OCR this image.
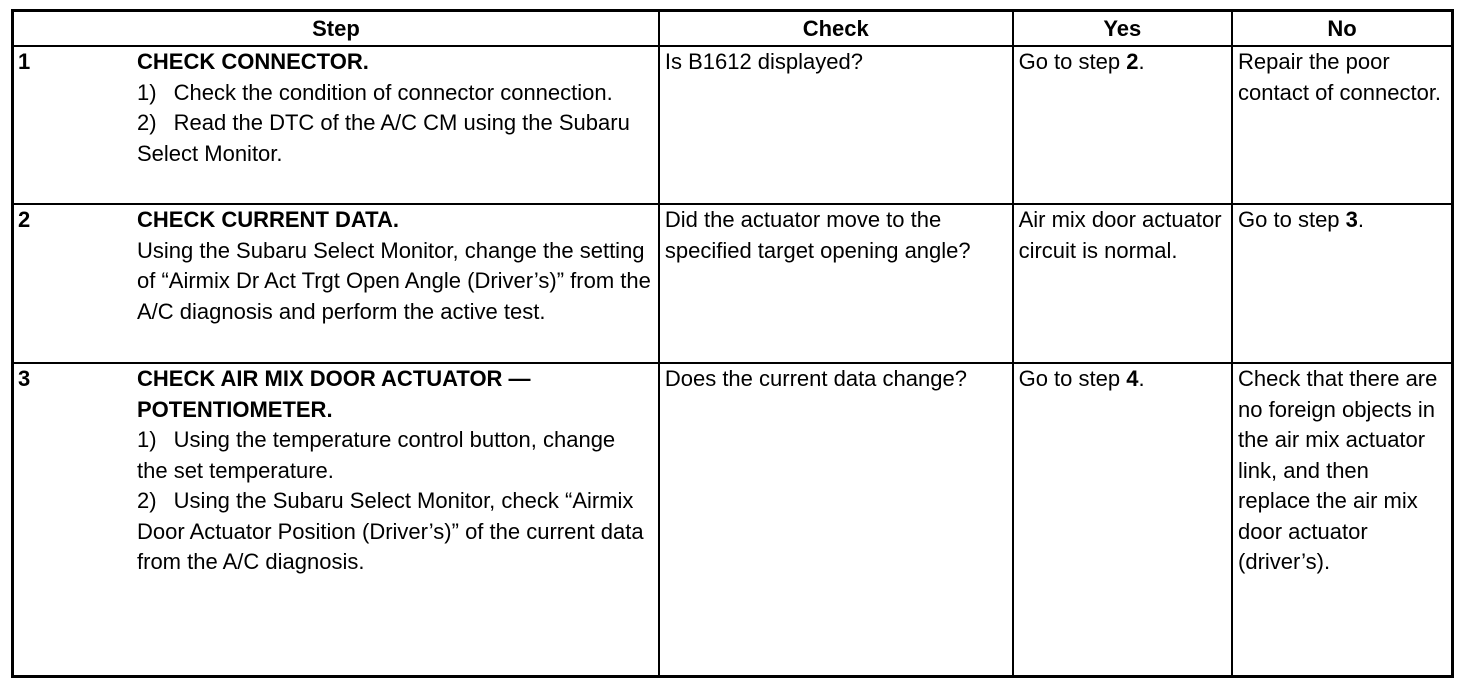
Step	Check	Yes	No

1 CHECK CONNECTOR.
1)  Check the condition of connector connection.
2)  Read the DTC of the A/C CM using the Subaru Select Monitor.	Is B1612 displayed?	Go to step 2.	Repair the poor contact of connector.

2 CHECK CURRENT DATA.
Using the Subaru Select Monitor, change the setting of “Airmix Dr Act Trgt Open Angle (Driver’s)” from the A/C diagnosis and perform the active test.	Did the actuator move to the specified target opening angle?	Air mix door actuator circuit is normal.	Go to step 3.

3 CHECK AIR MIX DOOR ACTUATOR — POTENTIOMETER.
1)  Using the temperature control button, change the set temperature.
2)  Using the Subaru Select Monitor, check “Airmix Door Actuator Position (Driver’s)” of the current data from the A/C diagnosis.	Does the current data change?	Go to step 4.	Check that there are no foreign objects in the air mix actuator link, and then replace the air mix door actuator (driver’s).
